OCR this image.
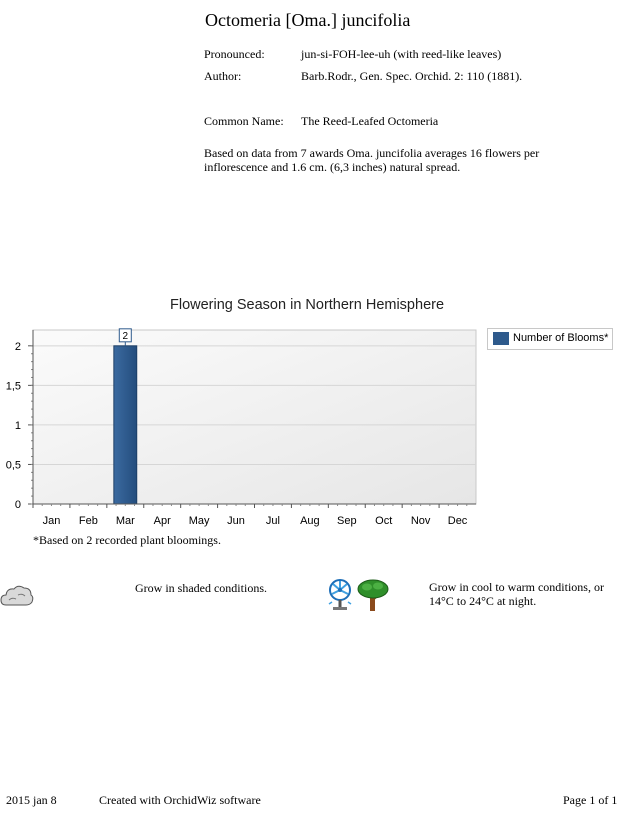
Octomeria [Oma.] juncifolia
Pronounced:	jun-si-FOH-lee-uh (with reed-like leaves)
Author:	Barb.Rodr., Gen. Spec. Orchid. 2: 110 (1881).
Common Name: The Reed-Leafed Octomeria
Based on data from 7 awards Oma. juncifolia averages 16 flowers per inflorescence and 1.6 cm. (6,3 inches) natural spread.
Flowering Season in Northern Hemisphere
0
0,5
1
1,5
2
Jan Feb Mar
2
Apr May Jun Jul Aug Sep Oct Nov Dec
Number of Blooms*
*Based on 2 recorded plant bloomings.
Grow in shaded conditions.	Grow in cool to warm conditions, or 14°C to 24°C at night.
2015 jan 8	Created with OrchidWiz software	Page 1 of 1
